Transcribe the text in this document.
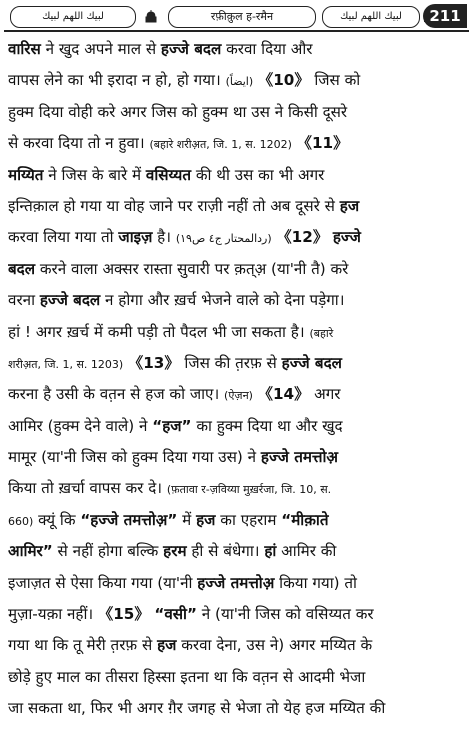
لبيك اللهم لبيك	रफ़ीक़ुल ह-रमैन	لبيك اللهم لبيك	211
वारिस ने खुद अपने माल से हज्जे बदल करवा दिया और
वापस लेने का भी इरादा न हो, हो गया। (ايضاً) 《10》 जिस को
हुक्म दिया वोही करे अगर जिस को हुक्म था उस ने किसी दूसरे
से करवा दिया तो न हुवा। (बहारे शरीअ़त, जि. 1, स. 1202) 《11》
मय्यित ने जिस के बारे में वसिय्यत की थी उस का भी अगर
इन्तिक़ाल हो गया या वोह जाने पर राज़ी नहीं तो अब दूसरे से हज
करवा लिया गया तो जाइज़ है। (ردالمحتار ج٤ ص١٩) 《12》 हज्जे
बदल करने वाला अक्सर रास्ता सुवारी पर क़त्अ़ (या'नी तै) करे
वरना हज्जे बदल न होगा और ख़र्च भेजने वाले को देना पड़ेगा।
हां ! अगर ख़र्च में कमी पड़ी तो पैदल भी जा सकता है। (बहारे
शरीअ़त, जि. 1, स. 1203) 《13》 जिस की त़रफ़ से हज्जे बदल
करना है उसी के वत़न से हज को जाए। (ऐज़न) 《14》 अगर
आमिर (हुक्म देने वाले) ने “हज” का हुक्म दिया था और खुद
मामूर (या'नी जिस को हुक्म दिया गया उस) ने हज्जे तमत्तोअ़
किया तो ख़र्चा वापस कर दे। (फ़तावा र-ज़विय्या मुख़र्रजा, जि. 10, स.
660) क्यूं कि “हज्जे तमत्तोअ़” में हज का एहराम “मीक़ाते
आमिर” से नहीं होगा बल्कि हरम ही से बंधेगा। हां आमिर की
इजाज़त से ऐसा किया गया (या'नी हज्जे तमत्तोअ़ किया गया) तो
मुज़ा-यक़ा नहीं। 《15》 “वसी” ने (या'नी जिस को वसिय्यत कर
गया था कि तू मेरी त़रफ़ से हज करवा देना, उस ने) अगर मय्यित के
छोड़े हुए माल का तीसरा हिस्सा इतना था कि वत़न से आदमी भेजा
जा सकता था, फिर भी अगर ग़ैर जगह से भेजा तो येह हज मय्यित की
